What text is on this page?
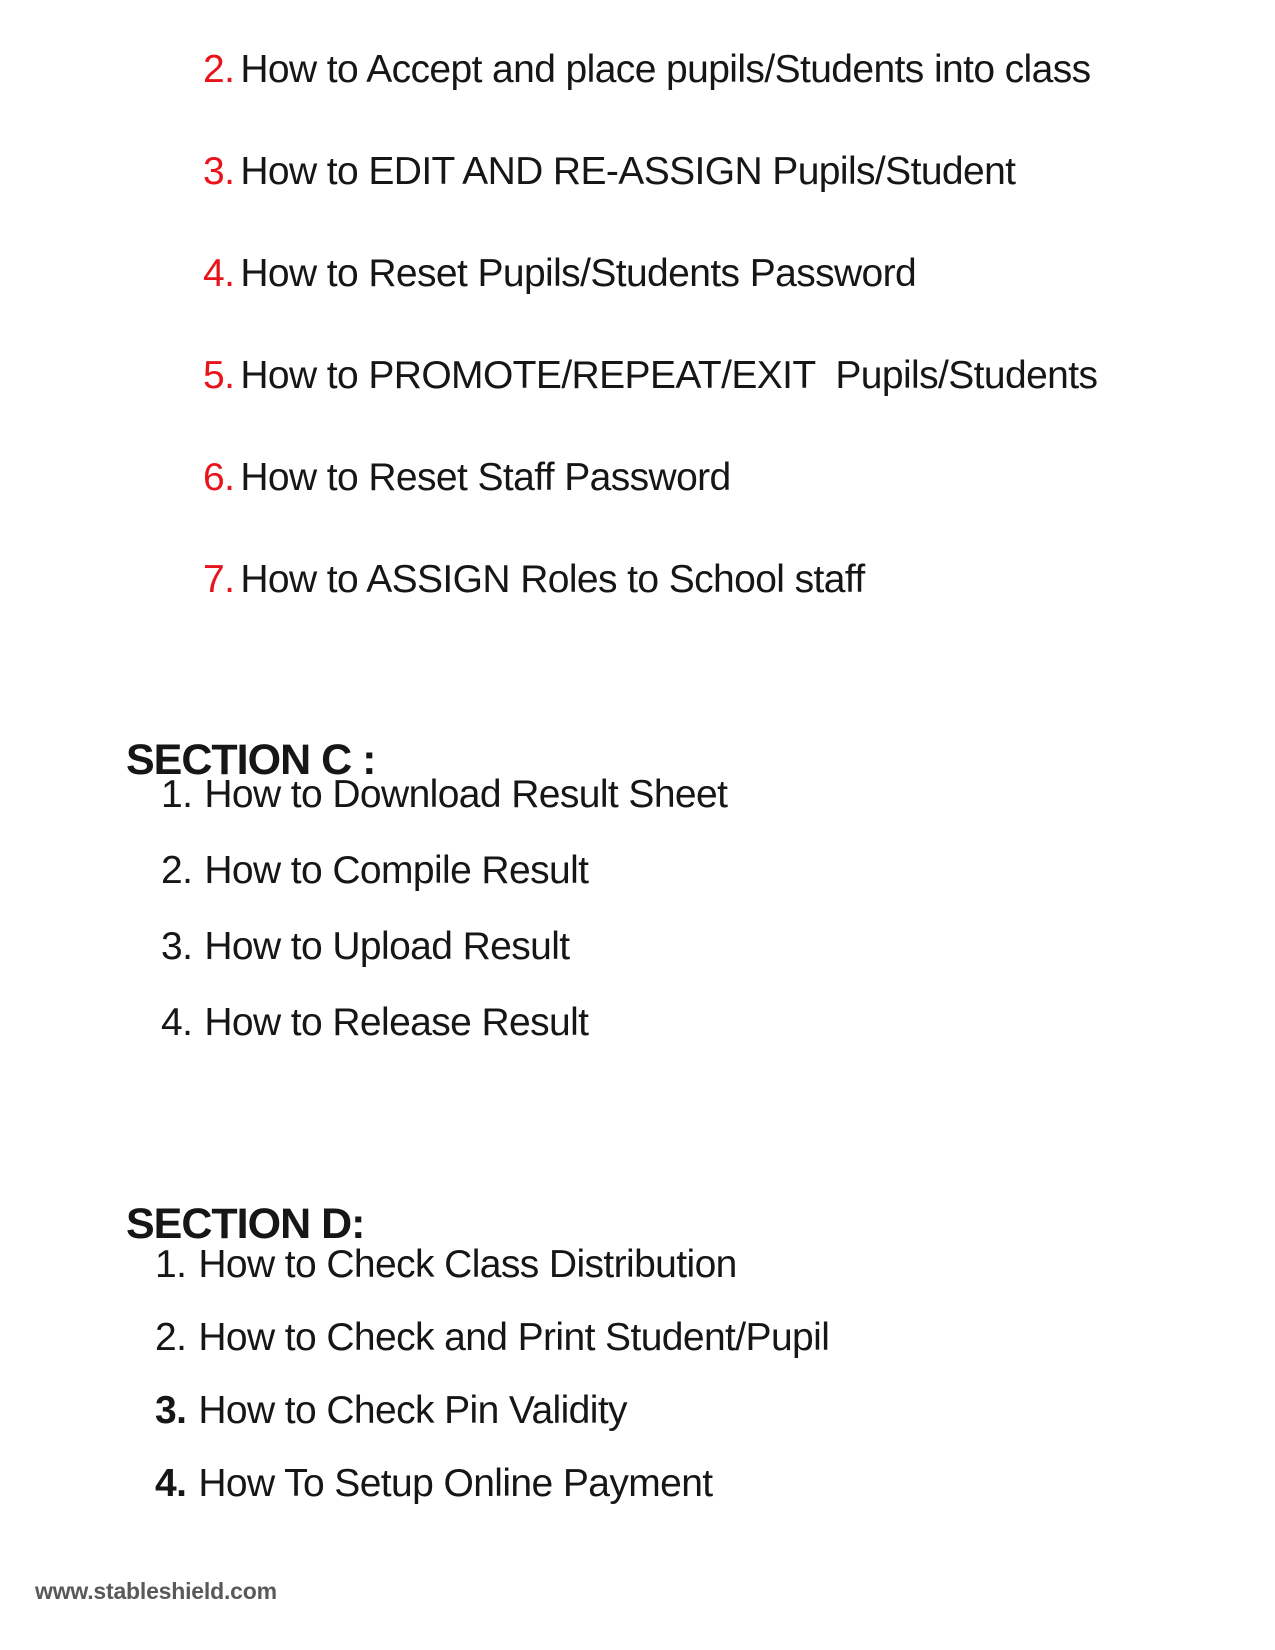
2. How to Accept and place pupils/Students into class
3. How to EDIT AND RE-ASSIGN Pupils/Student
4. How to Reset Pupils/Students Password
5. How to PROMOTE/REPEAT/EXIT  Pupils/Students
6. How to Reset Staff Password
7. How to ASSIGN Roles to School staff
SECTION C :
1. How to Download Result Sheet
2. How to Compile Result
3. How to Upload Result
4. How to Release Result
SECTION D:
1. How to Check Class Distribution
2. How to Check and Print Student/Pupil
3. How to Check Pin Validity
4. How To Setup Online Payment
www.stableshield.com
